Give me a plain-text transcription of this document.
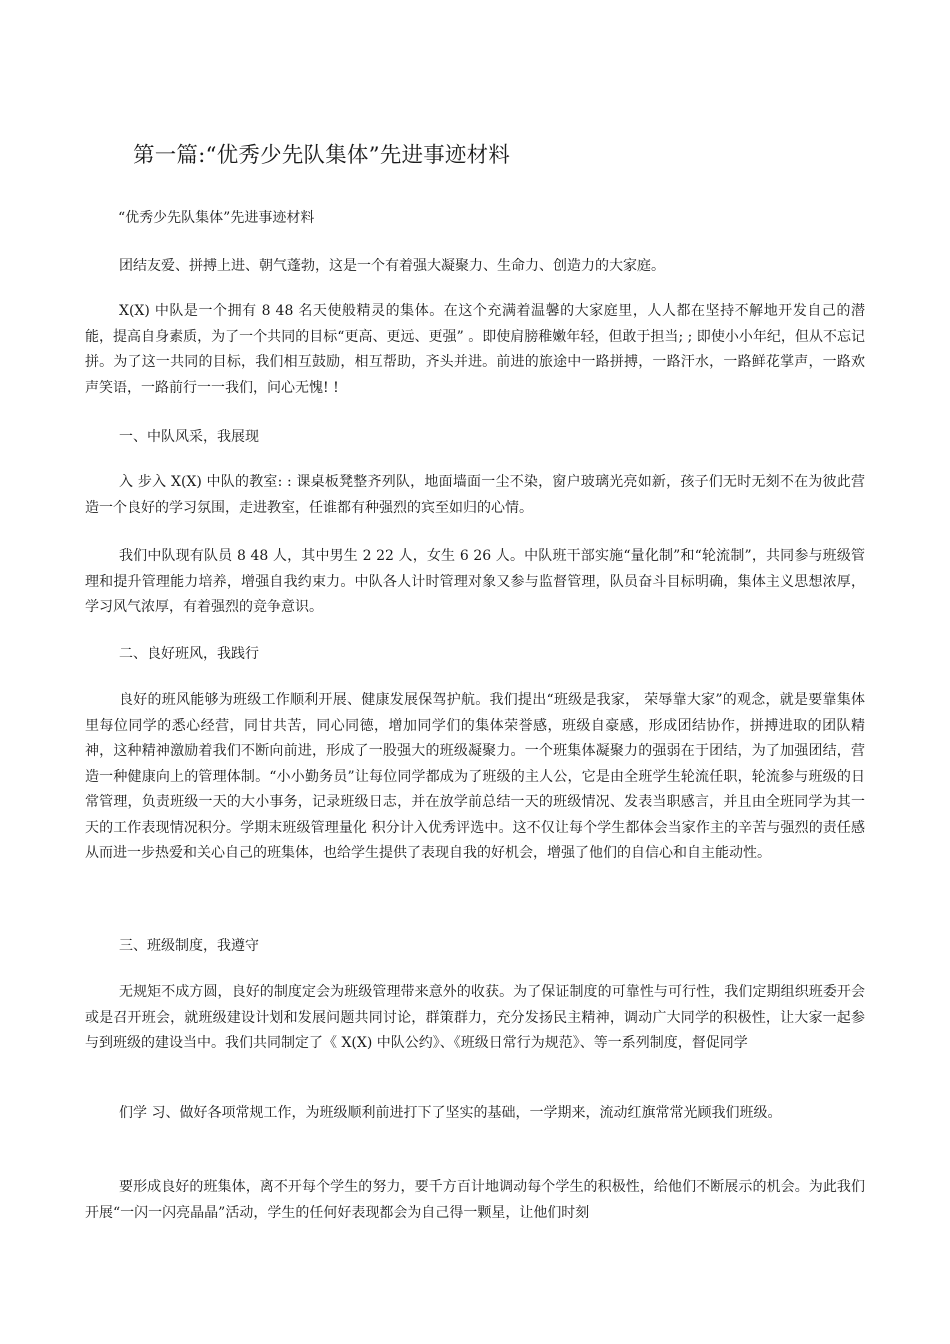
第一篇:“优秀少先队集体”先进事迹材料
“优秀少先队集体”先进事迹材料

团结友爱、拼搏上进、朝气蓬勃，这是一个有着强大凝聚力、生命力、创造力的大家庭。

X(X) 中队是一个拥有 8 48 名天使般精灵的集体。在这个充满着温馨的大家庭里，人人都在坚持不解地开发自己的潜能，提高自身素质，为了一个共同的目标“更高、更远、更强” 。即使肩膀稚嫩年轻，但敢于担当; ; 即使小小年纪，但从不忘记拼。为了这一共同的目标，我们相互鼓励，相互帮助，齐头并进。前进的旅途中一路拼搏，一路汗水，一路鲜花掌声，一路欢声笑语，一路前行一一我们，问心无愧! !

一、中队风采，我展现

入 步入 X(X) 中队的教室: : 课桌板凳整齐列队，地面墙面一尘不染，窗户玻璃光亮如新，孩子们无时无刻不在为彼此营造一个良好的学习氛围，走进教室，任谁都有种强烈的宾至如归的心情。

我们中队现有队员 8 48 人，其中男生 2 22 人，女生 6 26 人。中队班干部实施“量化制”和“轮流制”，共同参与班级管理和提升管理能力培养，增强自我约束力。中队各人计时管理对象又参与监督管理，队员奋斗目标明确，集体主义思想浓厚，学习风气浓厚，有着强烈的竞争意识。

二、良好班风，我践行

良好的班风能够为班级工作顺利开展、健康发展保驾护航。我们提出“班级是我家， 荣辱靠大家”的观念，就是要靠集体里每位同学的悉心经营，同甘共苦，同心同德，增加同学们的集体荣誉感，班级自豪感，形成团结协作，拼搏进取的团队精神，这种精神激励着我们不断向前进，形成了一股强大的班级凝聚力。一个班集体凝聚力的强弱在于团结，为了加强团结，营造一种健康向上的管理体制。“小小勤务员”让每位同学都成为了班级的主人公，它是由全班学生轮流任职，轮流参与班级的日常管理，负责班级一天的大小事务，记录班级日志，并在放学前总结一天的班级情况、发表当职感言，并且由全班同学为其一天的工作表现情况积分。学期末班级管理量化 积分计入优秀评选中。这不仅让每个学生都体会当家作主的辛苦与强烈的责任感从而进一步热爱和关心自己的班集体，也给学生提供了表现自我的好机会，增强了他们的自信心和自主能动性。

三、班级制度，我遵守

无规矩不成方圆，良好的制度定会为班级管理带来意外的收获。为了保证制度的可靠性与可行性，我们定期组织班委开会或是召开班会，就班级建设计划和发展问题共同讨论，群策群力，充分发扬民主精神，调动广大同学的积极性，让大家一起参与到班级的建设当中。我们共同制定了《 X(X) 中队公约》、《班级日常行为规范》、等一系列制度，督促同学

们学 习、做好各项常规工作，为班级顺利前进打下了坚实的基础，一学期来，流动红旗常常光顾我们班级。

要形成良好的班集体，离不开每个学生的努力，要千方百计地调动每个学生的积极性，给他们不断展示的机会。为此我们开展“一闪一闪亮晶晶”活动，学生的任何好表现都会为自己得一颗星，让他们时刻
